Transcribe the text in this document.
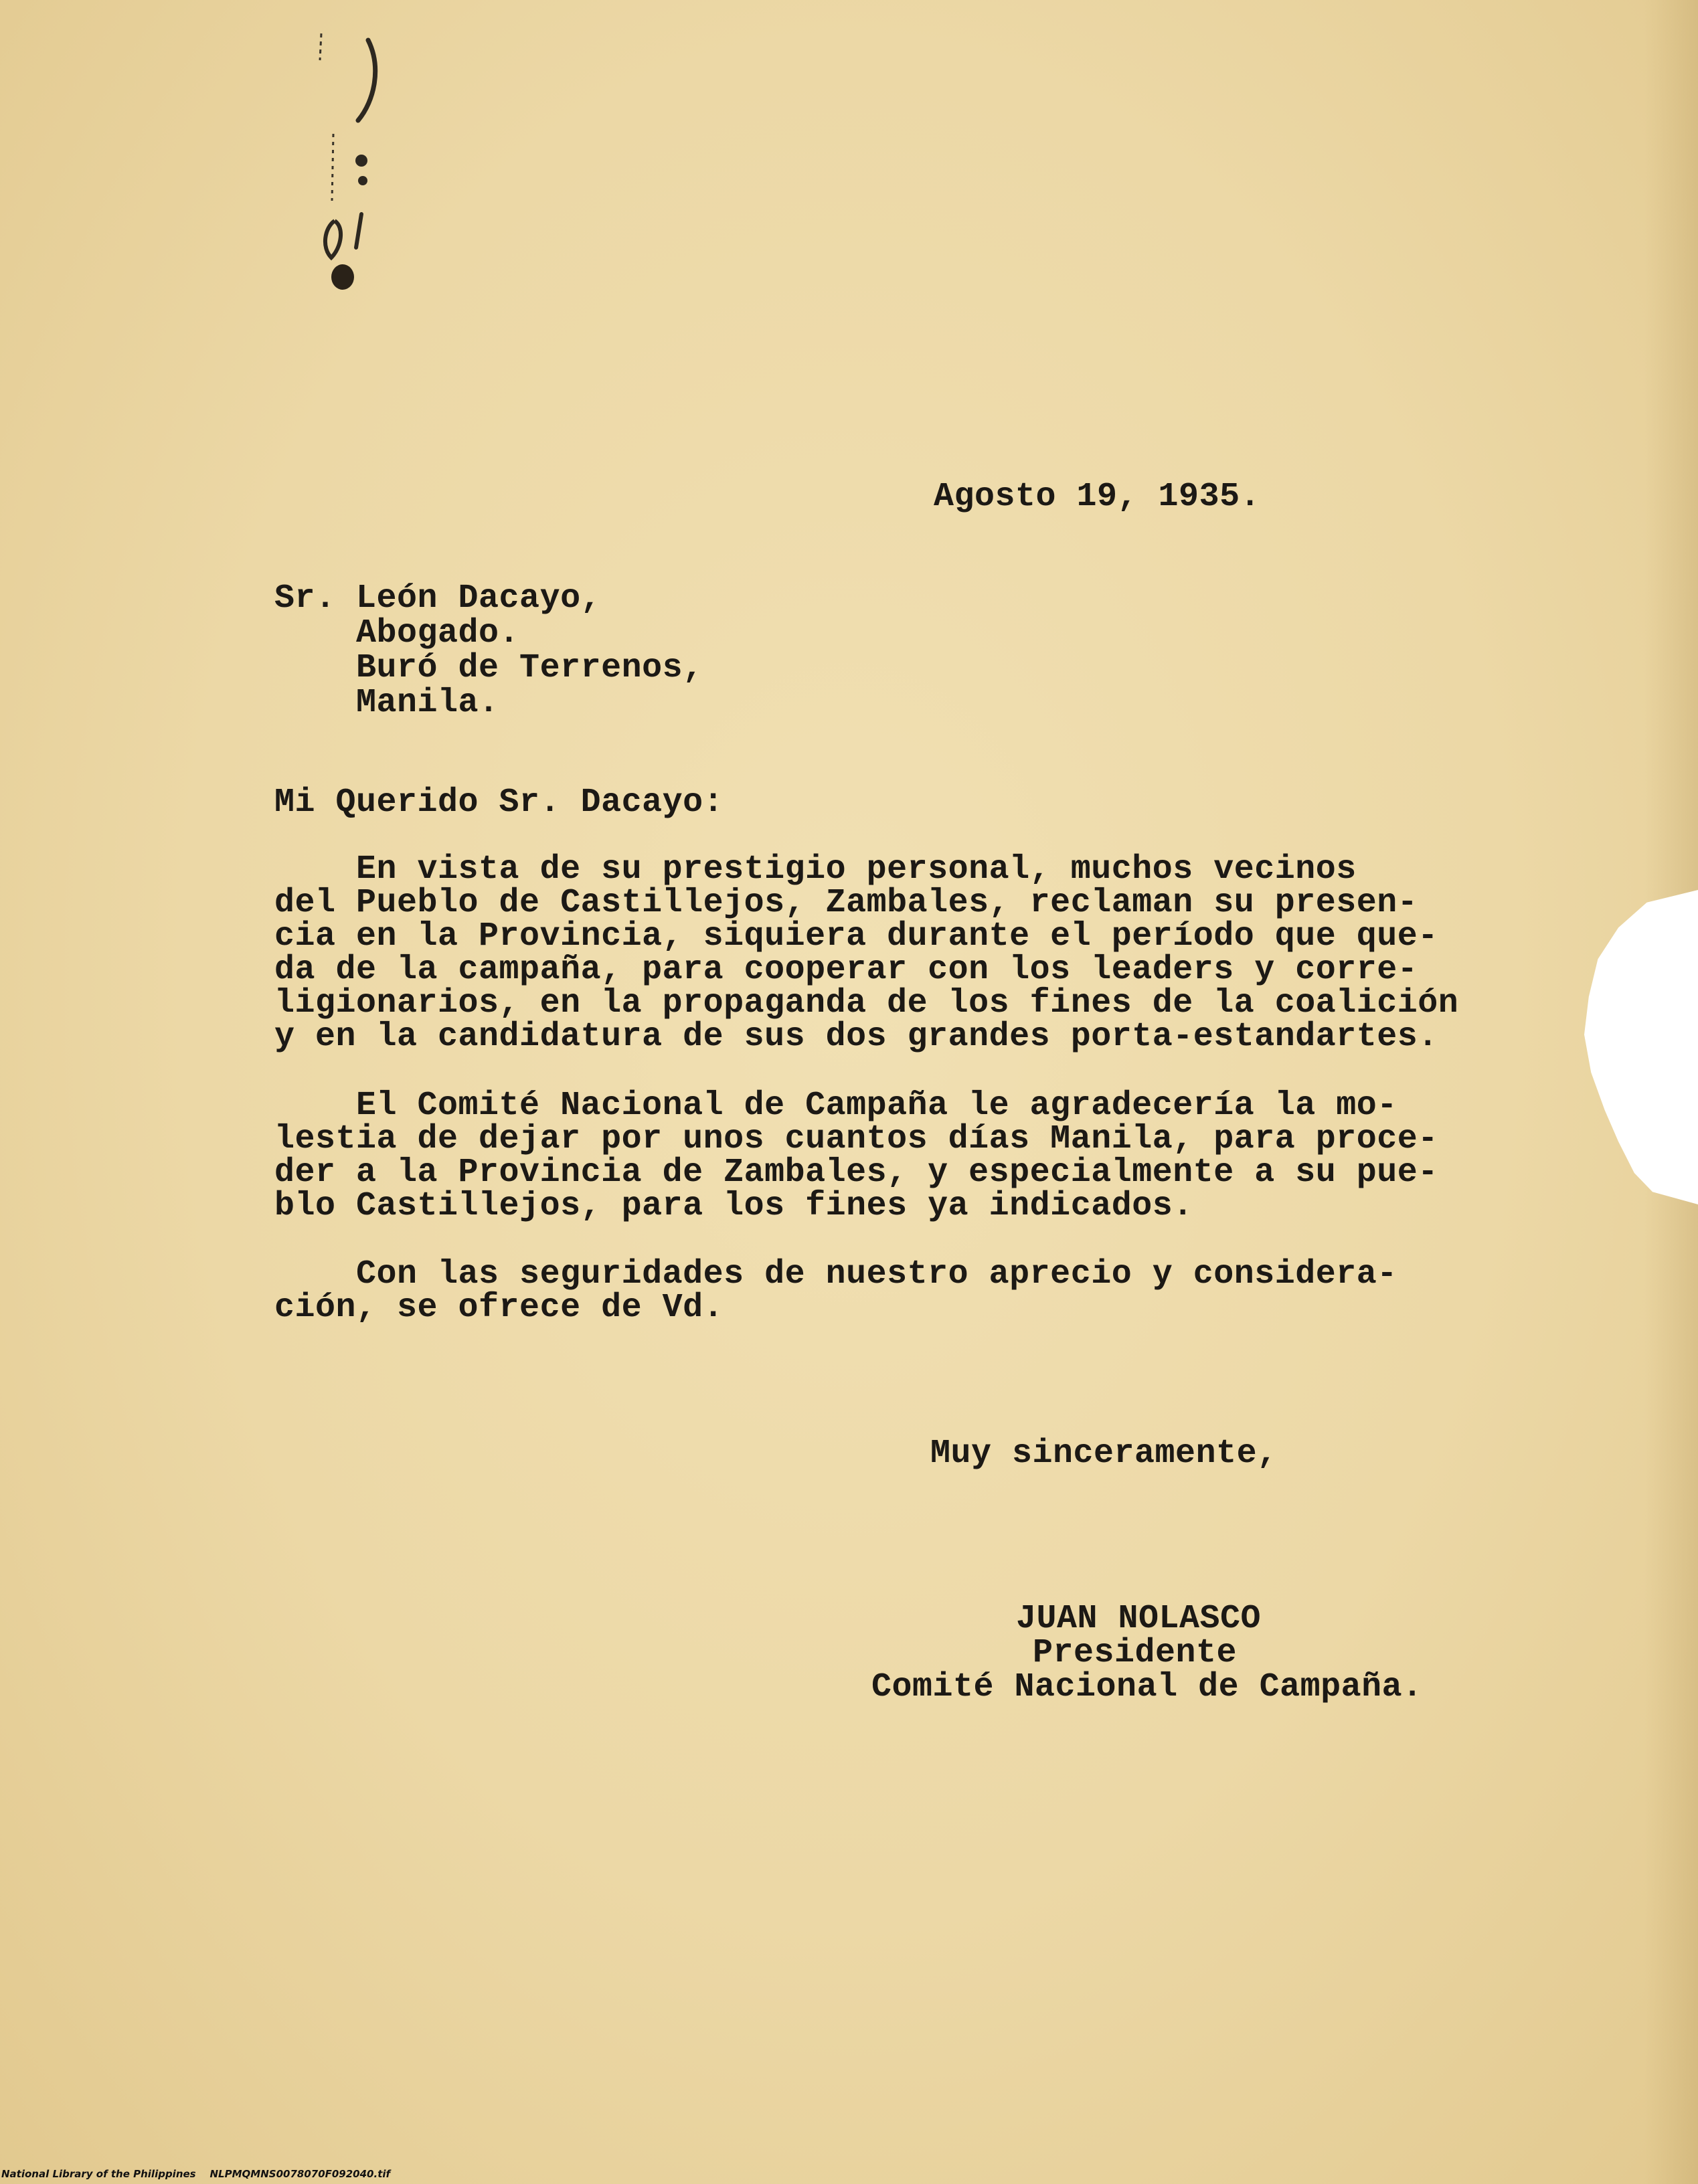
Agosto 19, 1935.
Sr. León Dacayo,
Abogado.
Buró de Terrenos,
Manila.
Mi Querido Sr. Dacayo:
En vista de su prestigio personal, muchos vecinos
del Pueblo de Castillejos, Zambales, reclaman su presen-
cia en la Provincia, siquiera durante el período que que-
da de la campaña, para cooperar con los leaders y corre-
ligionarios, en la propaganda de los fines de la coalición
y en la candidatura de sus dos grandes porta-estandartes.
El Comité Nacional de Campaña le agradecería la mo-
lestia de dejar por unos cuantos días Manila, para proce-
der a la Provincia de Zambales, y especialmente a su pue-
blo Castillejos, para los fines ya indicados.
Con las seguridades de nuestro aprecio y considera-
ción, se ofrece de Vd.
Muy sinceramente,
JUAN NOLASCO
Presidente
Comité Nacional de Campaña.
National Library of the Philippines NLPMQMNS0078070F092040.tif
